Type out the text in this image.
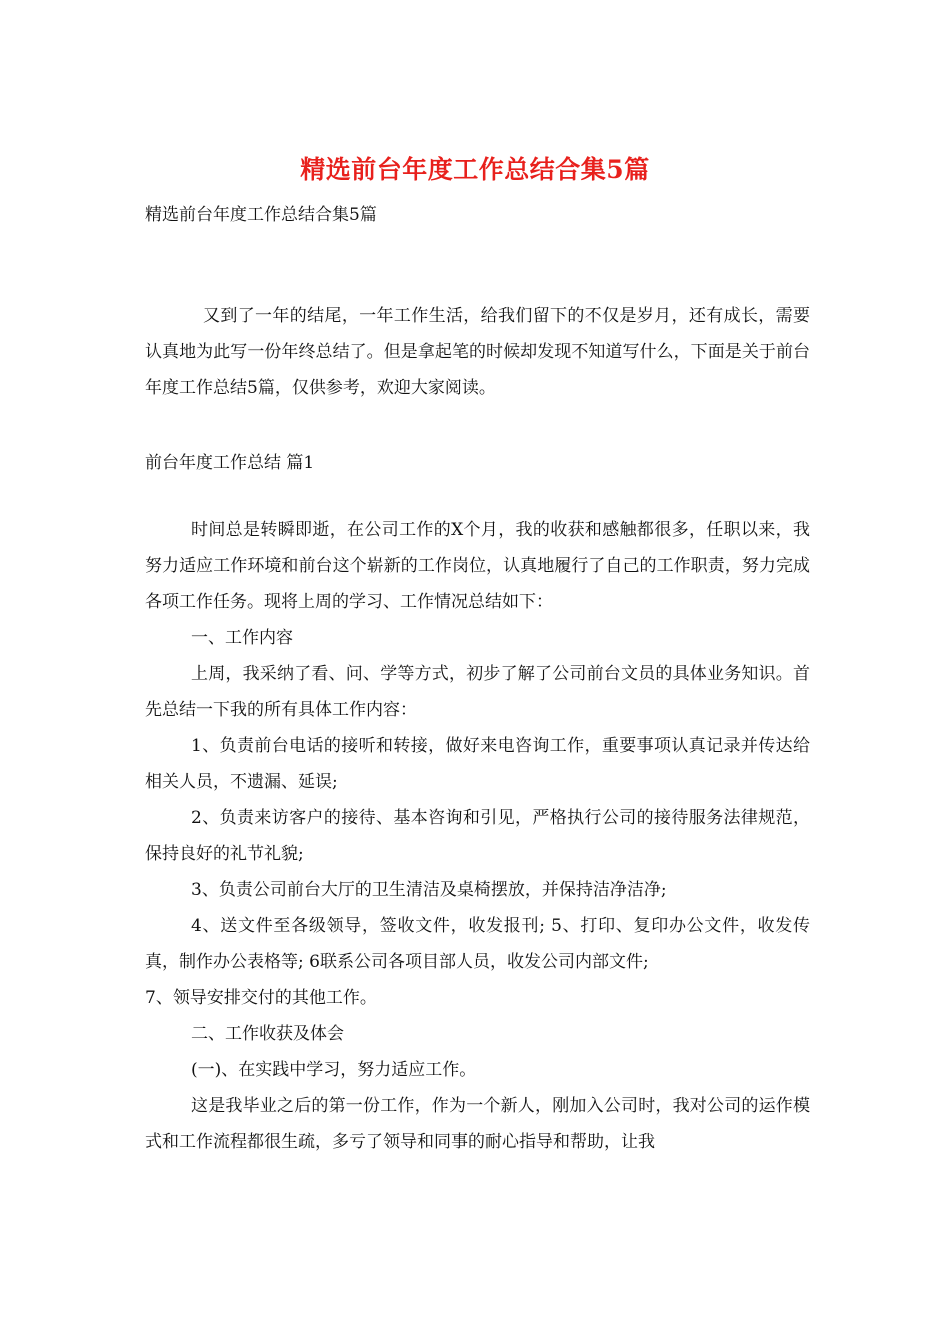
精选前台年度工作总结合集5篇
精选前台年度工作总结合集5篇

又到了一年的结尾，一年工作生活，给我们留下的不仅是岁月，还有成长，需要认真地为此写一份年终总结了。但是拿起笔的时候却发现不知道写什么，下面是关于前台年度工作总结5篇，仅供参考，欢迎大家阅读。

前台年度工作总结 篇1

时间总是转瞬即逝，在公司工作的X个月，我的收获和感触都很多，任职以来，我努力适应工作环境和前台这个崭新的工作岗位，认真地履行了自己的工作职责，努力完成各项工作任务。现将上周的学习、工作情况总结如下：

一、工作内容

上周，我采纳了看、问、学等方式，初步了解了公司前台文员的具体业务知识。首先总结一下我的所有具体工作内容：

1、负责前台电话的接听和转接，做好来电咨询工作，重要事项认真记录并传达给相关人员，不遗漏、延误;

2、负责来访客户的接待、基本咨询和引见，严格执行公司的接待服务法律规范，保持良好的礼节礼貌;

3、负责公司前台大厅的卫生清洁及桌椅摆放，并保持洁净洁净;

4、送文件至各级领导，签收文件，收发报刊; 5、打印、复印办公文件，收发传真，制作办公表格等; 6联系公司各项目部人员，收发公司内部文件;

7、领导安排交付的其他工作。

二、工作收获及体会

(一)、在实践中学习，努力适应工作。

这是我毕业之后的第一份工作，作为一个新人，刚加入公司时，我对公司的运作模式和工作流程都很生疏，多亏了领导和同事的耐心指导和帮助，让我
